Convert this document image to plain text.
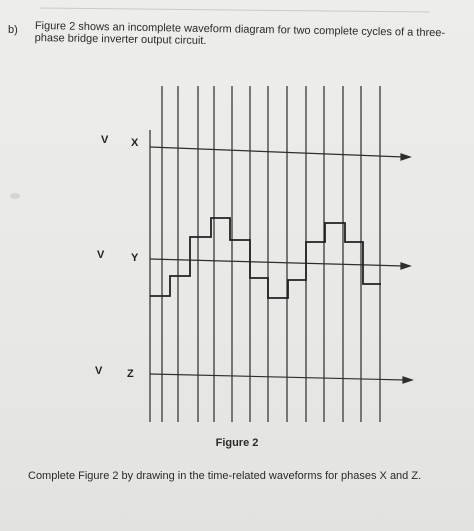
b) Figure 2 shows an incomplete waveform diagram for two complete cycles of a three-phase bridge inverter output circuit.
V X
V Y
V Z
Figure 2
Complete Figure 2 by drawing in the time-related waveforms for phases X and Z.
